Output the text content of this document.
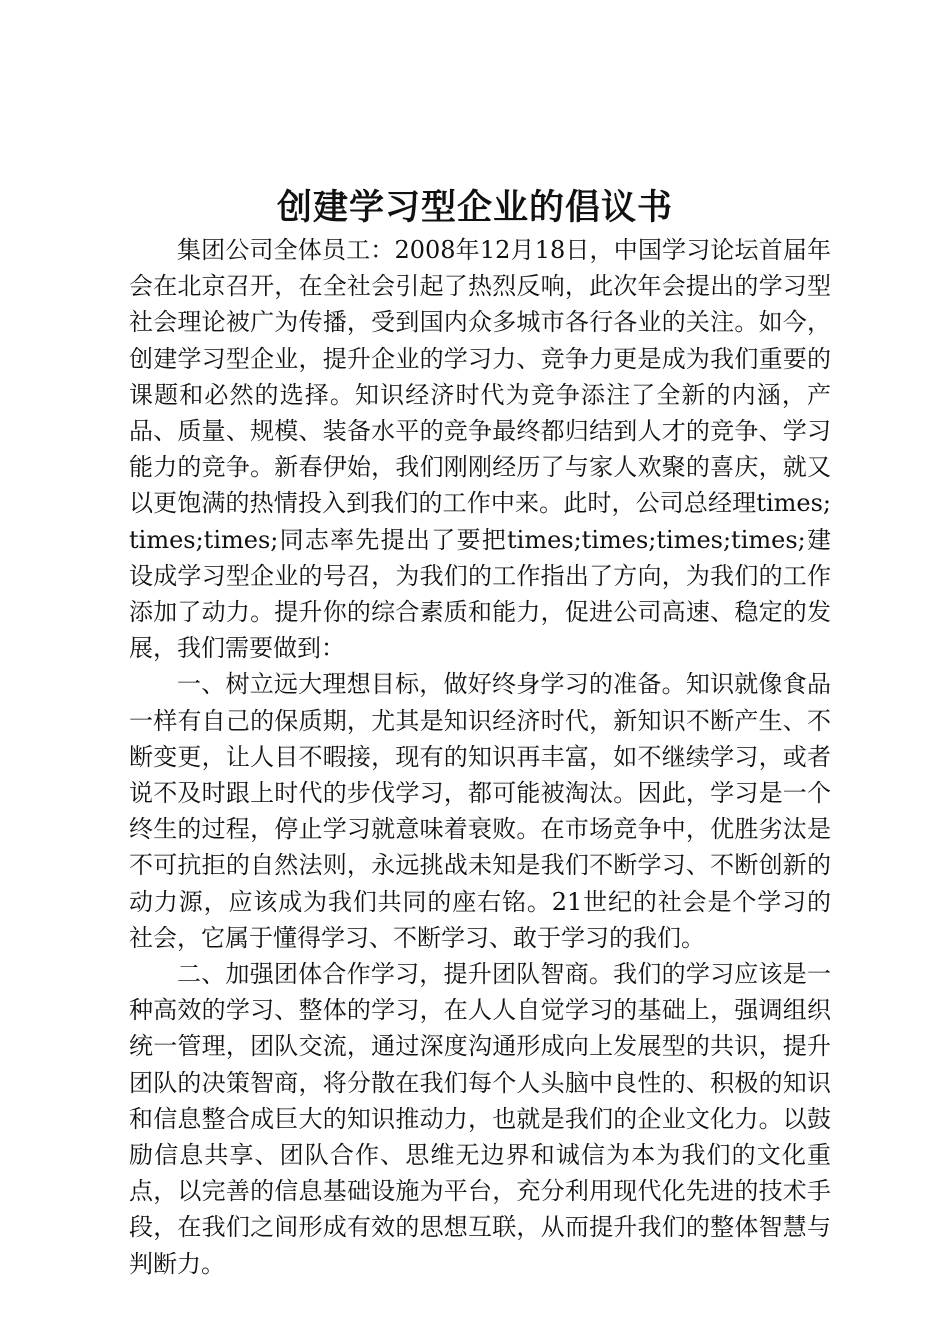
创建学习型企业的倡议书

集团公司全体员工：2008年12月18日，中国学习论坛首届年会在北京召开，在全社会引起了热烈反响，此次年会提出的学习型社会理论被广为传播，受到国内众多城市各行各业的关注。如今，创建学习型企业，提升企业的学习力、竞争力更是成为我们重要的课题和必然的选择。知识经济时代为竞争添注了全新的内涵，产品、质量、规模、装备水平的竞争最终都归结到人才的竞争、学习能力的竞争。新春伊始，我们刚刚经历了与家人欢聚的喜庆，就又以更饱满的热情投入到我们的工作中来。此时，公司总经理times;times;times;同志率先提出了要把times;times;times;times;建设成学习型企业的号召，为我们的工作指出了方向，为我们的工作添加了动力。提升你的综合素质和能力，促进公司高速、稳定的发展，我们需要做到：

一、树立远大理想目标，做好终身学习的准备。知识就像食品一样有自己的保质期，尤其是知识经济时代，新知识不断产生、不断变更，让人目不暇接，现有的知识再丰富，如不继续学习，或者说不及时跟上时代的步伐学习，都可能被淘汰。因此，学习是一个终生的过程，停止学习就意味着衰败。在市场竞争中，优胜劣汰是不可抗拒的自然法则，永远挑战未知是我们不断学习、不断创新的动力源，应该成为我们共同的座右铭。21世纪的社会是个学习的社会，它属于懂得学习、不断学习、敢于学习的我们。

二、加强团体合作学习，提升团队智商。我们的学习应该是一种高效的学习、整体的学习，在人人自觉学习的基础上，强调组织统一管理，团队交流，通过深度沟通形成向上发展型的共识，提升团队的决策智商，将分散在我们每个人头脑中良性的、积极的知识和信息整合成巨大的知识推动力，也就是我们的企业文化力。以鼓励信息共享、团队合作、思维无边界和诚信为本为我们的文化重点，以完善的信息基础设施为平台，充分利用现代化先进的技术手段，在我们之间形成有效的思想互联，从而提升我们的整体智慧与判断力。
